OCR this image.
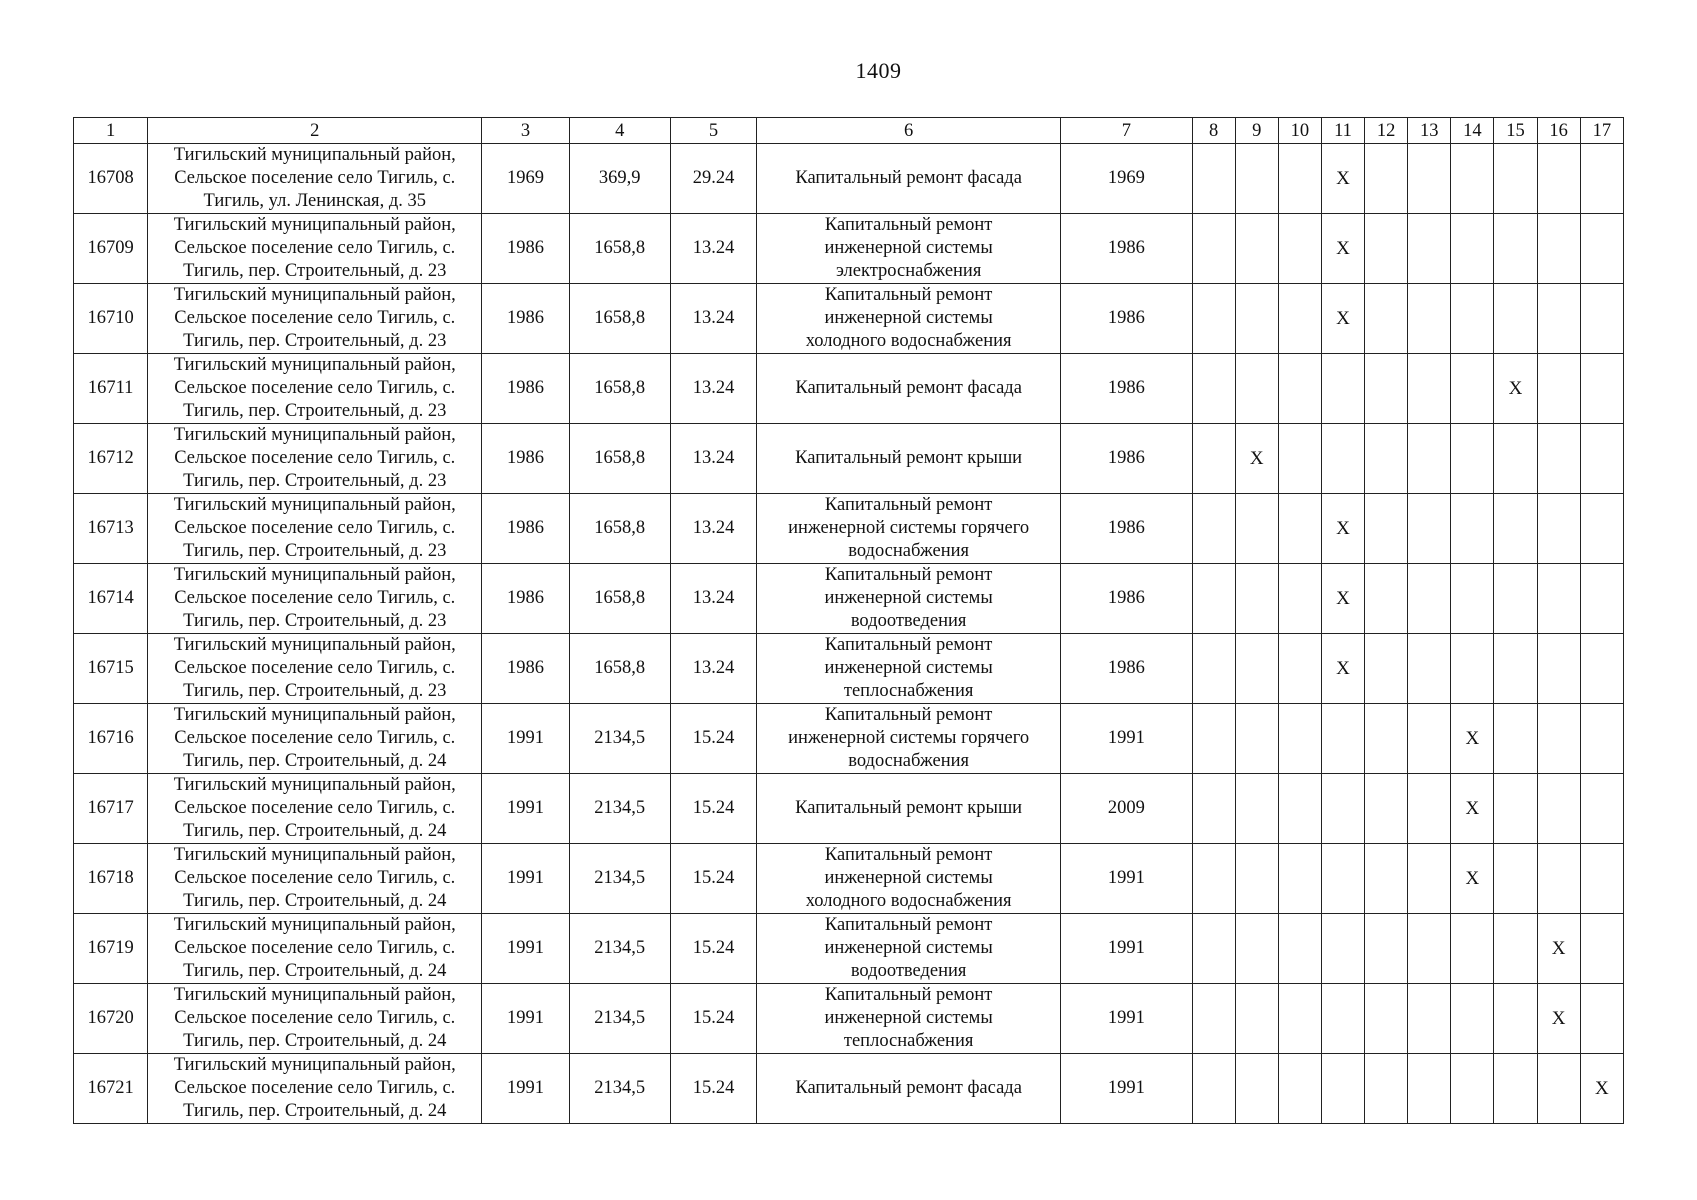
1409
1	2	3	4	5	6	7	8	9	10	11	12	13	14	15	16	17
16708	Тигильский муниципальный район,
Сельское поселение село Тигиль, с.
Тигиль, ул. Ленинская, д. 35	1969	369,9	29.24	Капитальный ремонт фасада	1969				X						
16709	Тигильский муниципальный район,
Сельское поселение село Тигиль, с.
Тигиль, пер. Строительный, д. 23	1986	1658,8	13.24	Капитальный ремонт
инженерной системы
электроснабжения	1986				X						
16710	Тигильский муниципальный район,
Сельское поселение село Тигиль, с.
Тигиль, пер. Строительный, д. 23	1986	1658,8	13.24	Капитальный ремонт
инженерной системы
холодного водоснабжения	1986				X						
16711	Тигильский муниципальный район,
Сельское поселение село Тигиль, с.
Тигиль, пер. Строительный, д. 23	1986	1658,8	13.24	Капитальный ремонт фасада	1986								X		
16712	Тигильский муниципальный район,
Сельское поселение село Тигиль, с.
Тигиль, пер. Строительный, д. 23	1986	1658,8	13.24	Капитальный ремонт крыши	1986		X								
16713	Тигильский муниципальный район,
Сельское поселение село Тигиль, с.
Тигиль, пер. Строительный, д. 23	1986	1658,8	13.24	Капитальный ремонт
инженерной системы горячего
водоснабжения	1986				X						
16714	Тигильский муниципальный район,
Сельское поселение село Тигиль, с.
Тигиль, пер. Строительный, д. 23	1986	1658,8	13.24	Капитальный ремонт
инженерной системы
водоотведения	1986				X						
16715	Тигильский муниципальный район,
Сельское поселение село Тигиль, с.
Тигиль, пер. Строительный, д. 23	1986	1658,8	13.24	Капитальный ремонт
инженерной системы
теплоснабжения	1986				X						
16716	Тигильский муниципальный район,
Сельское поселение село Тигиль, с.
Тигиль, пер. Строительный, д. 24	1991	2134,5	15.24	Капитальный ремонт
инженерной системы горячего
водоснабжения	1991							X			
16717	Тигильский муниципальный район,
Сельское поселение село Тигиль, с.
Тигиль, пер. Строительный, д. 24	1991	2134,5	15.24	Капитальный ремонт крыши	2009							X			
16718	Тигильский муниципальный район,
Сельское поселение село Тигиль, с.
Тигиль, пер. Строительный, д. 24	1991	2134,5	15.24	Капитальный ремонт
инженерной системы
холодного водоснабжения	1991							X			
16719	Тигильский муниципальный район,
Сельское поселение село Тигиль, с.
Тигиль, пер. Строительный, д. 24	1991	2134,5	15.24	Капитальный ремонт
инженерной системы
водоотведения	1991									X	
16720	Тигильский муниципальный район,
Сельское поселение село Тигиль, с.
Тигиль, пер. Строительный, д. 24	1991	2134,5	15.24	Капитальный ремонт
инженерной системы
теплоснабжения	1991									X	
16721	Тигильский муниципальный район,
Сельское поселение село Тигиль, с.
Тигиль, пер. Строительный, д. 24	1991	2134,5	15.24	Капитальный ремонт фасада	1991										X
